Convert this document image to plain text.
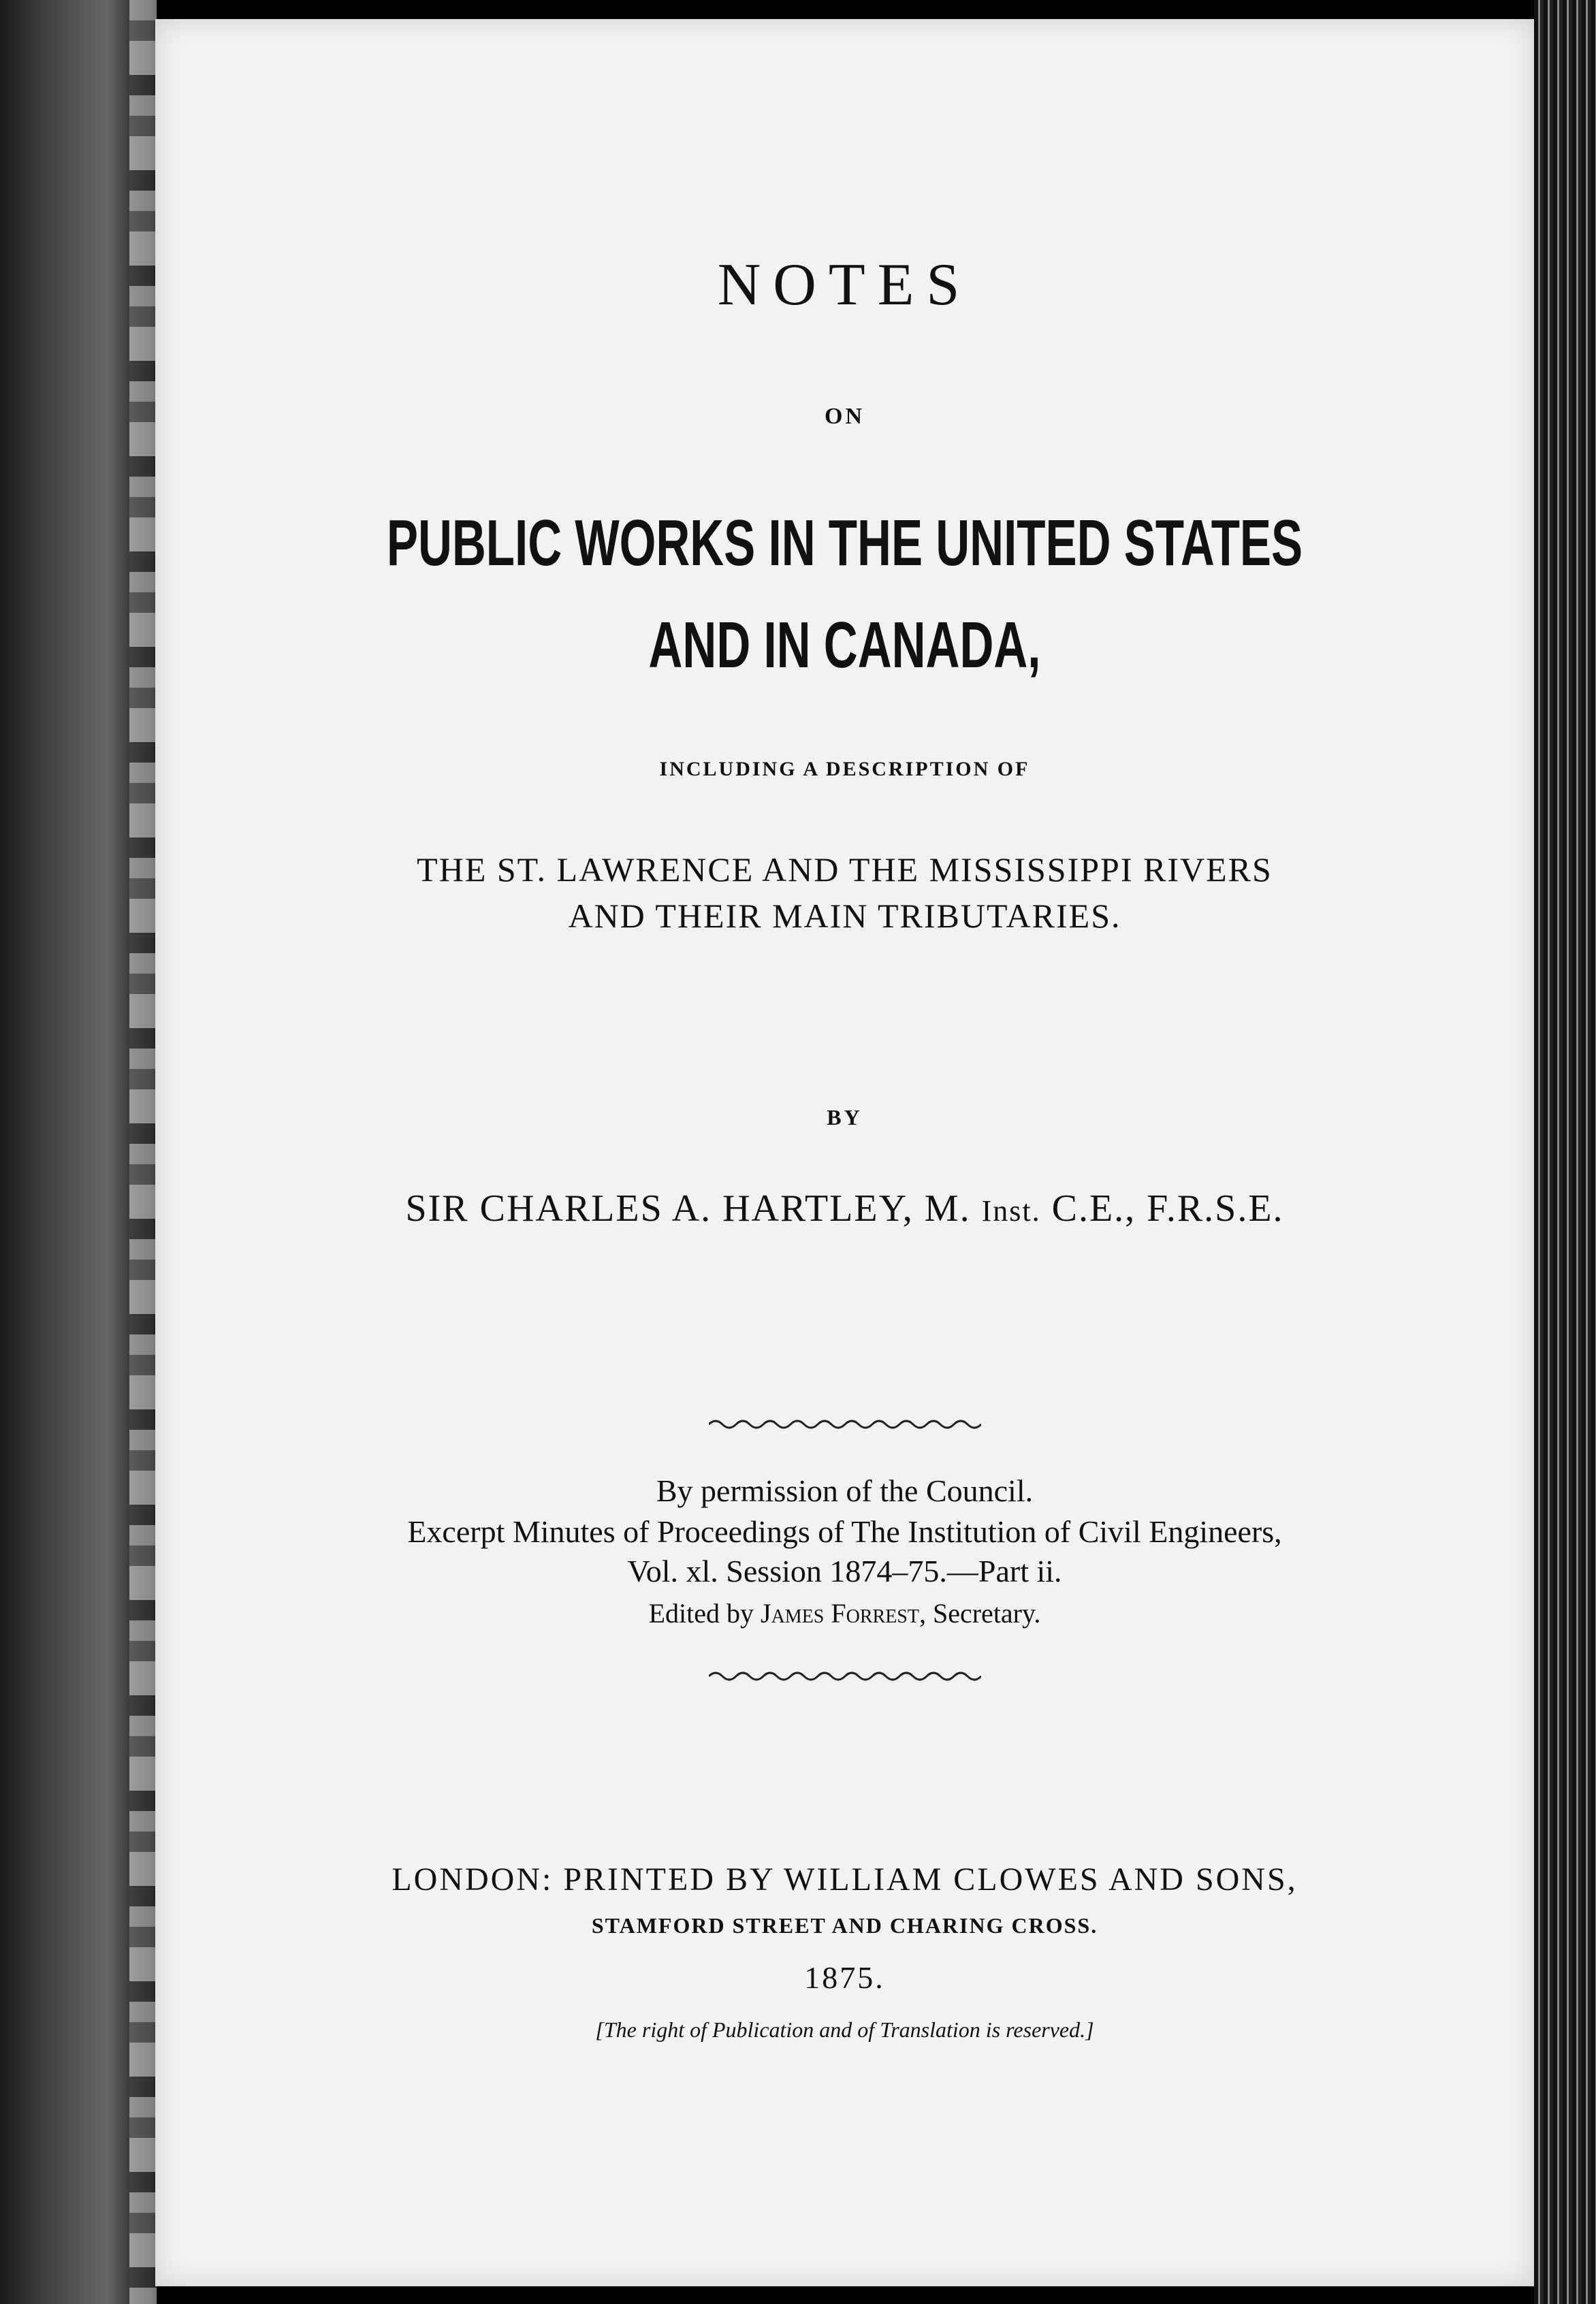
NOTES
ON
PUBLIC WORKS IN THE UNITED STATES
AND IN CANADA,
INCLUDING A DESCRIPTION OF
THE ST. LAWRENCE AND THE MISSISSIPPI RIVERS
AND THEIR MAIN TRIBUTARIES.
BY
SIR CHARLES A. HARTLEY, M. Inst. C.E., F.R.S.E.
By permission of the Council.
Excerpt Minutes of Proceedings of The Institution of Civil Engineers,
Vol. xl. Session 1874–75.—Part ii.
Edited by James Forrest, Secretary.
LONDON: PRINTED BY WILLIAM CLOWES AND SONS,
STAMFORD STREET AND CHARING CROSS.
1875.
[The right of Publication and of Translation is reserved.]
